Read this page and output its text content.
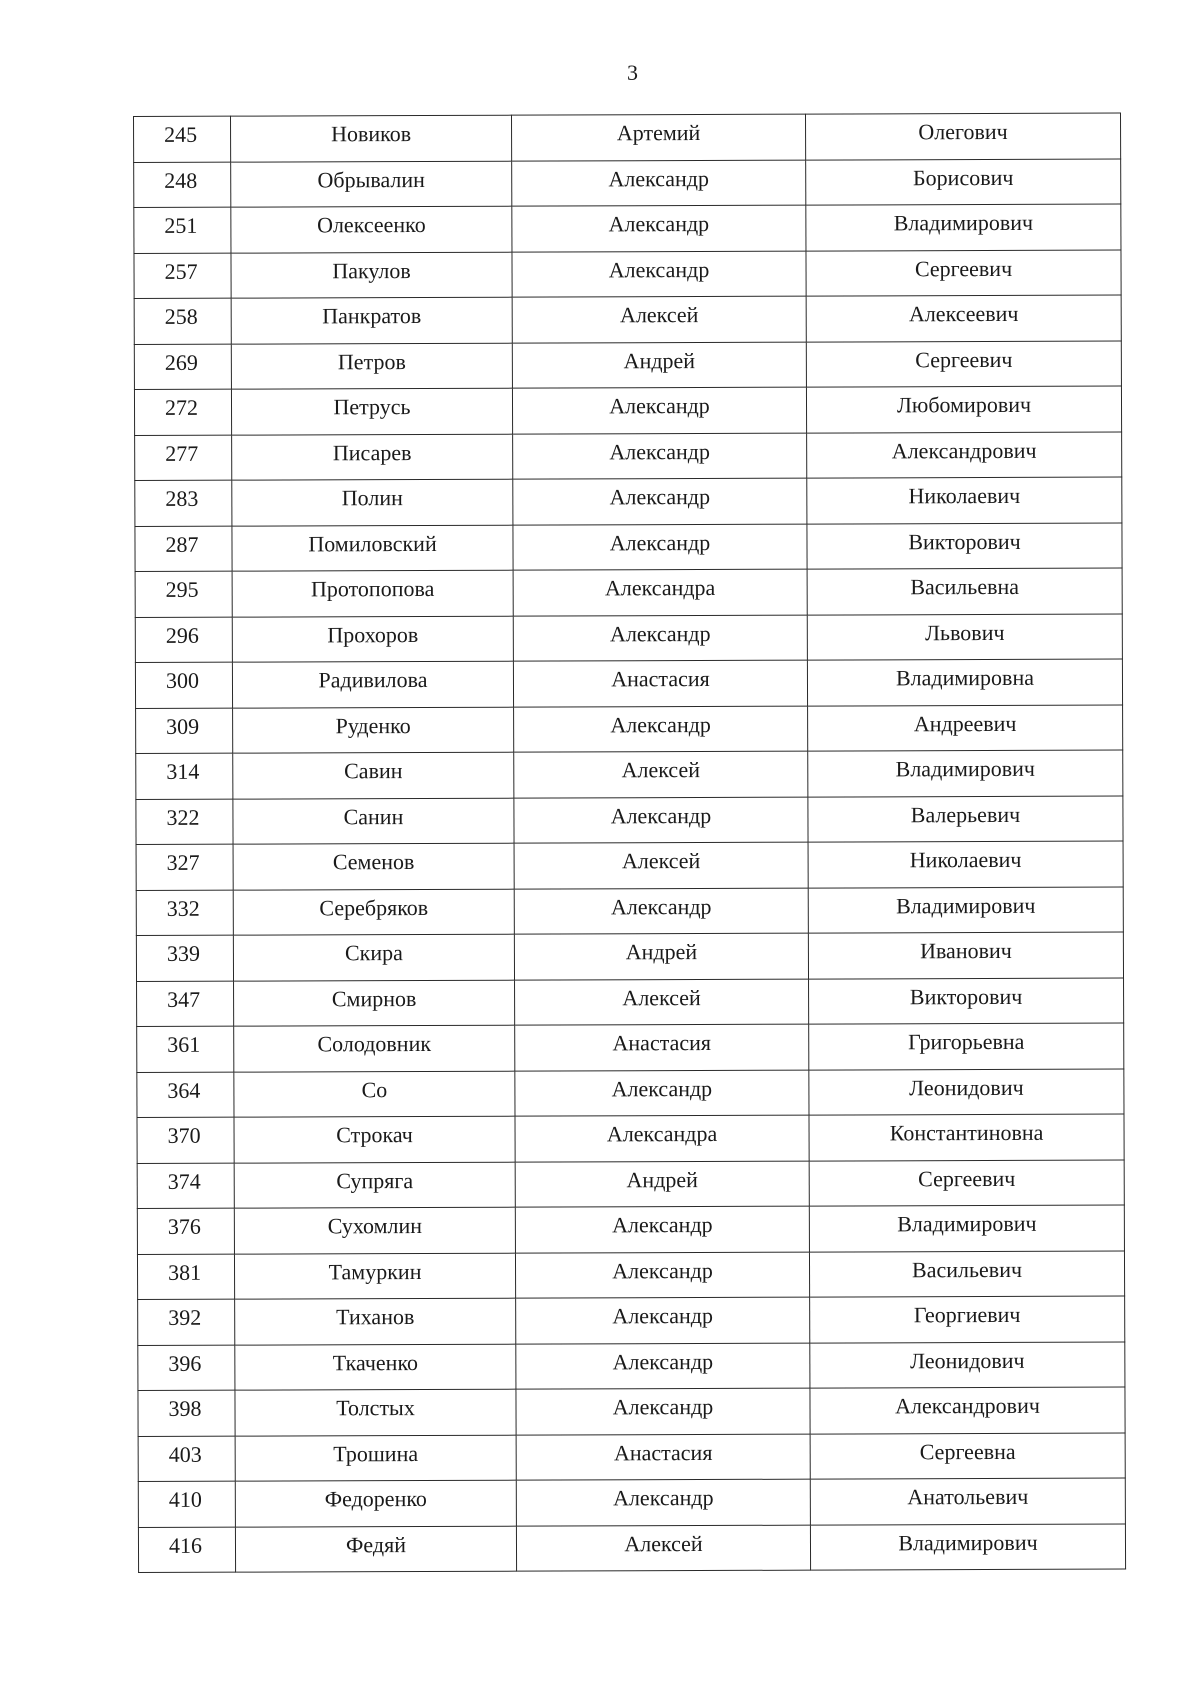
3
245	Новиков	Артемий	Олегович
248	Обрывалин	Александр	Борисович
251	Олексеенко	Александр	Владимирович
257	Пакулов	Александр	Сергеевич
258	Панкратов	Алексей	Алексеевич
269	Петров	Андрей	Сергеевич
272	Петрусь	Александр	Любомирович
277	Писарев	Александр	Александрович
283	Полин	Александр	Николаевич
287	Помиловский	Александр	Викторович
295	Протопопова	Александра	Васильевна
296	Прохоров	Александр	Львович
300	Радивилова	Анастасия	Владимировна
309	Руденко	Александр	Андреевич
314	Савин	Алексей	Владимирович
322	Санин	Александр	Валерьевич
327	Семенов	Алексей	Николаевич
332	Серебряков	Александр	Владимирович
339	Скира	Андрей	Иванович
347	Смирнов	Алексей	Викторович
361	Солодовник	Анастасия	Григорьевна
364	Со	Александр	Леонидович
370	Строкач	Александра	Константиновна
374	Супряга	Андрей	Сергеевич
376	Сухомлин	Александр	Владимирович
381	Тамуркин	Александр	Васильевич
392	Тиханов	Александр	Георгиевич
396	Ткаченко	Александр	Леонидович
398	Толстых	Александр	Александрович
403	Трошина	Анастасия	Сергеевна
410	Федоренко	Александр	Анатольевич
416	Федяй	Алексей	Владимирович
